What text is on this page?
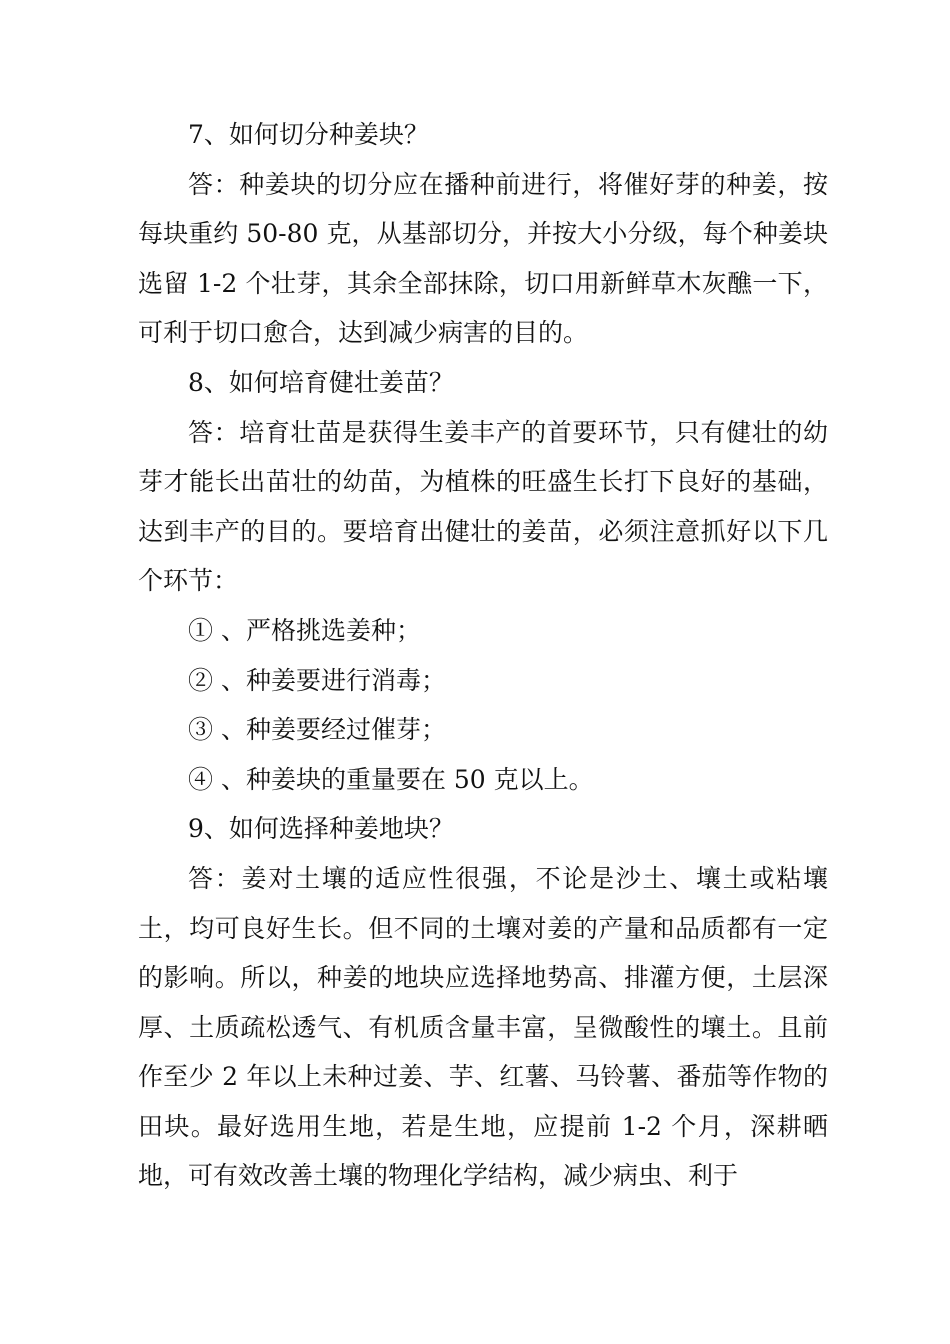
7、如何切分种姜块？

答：种姜块的切分应在播种前进行，将催好芽的种姜，按每块重约 50-80 克，从基部切分，并按大小分级，每个种姜块选留 1-2 个壮芽，其余全部抹除，切口用新鲜草木灰醮一下，可利于切口愈合，达到减少病害的目的。

8、如何培育健壮姜苗？

答：培育壮苗是获得生姜丰产的首要环节，只有健壮的幼芽才能长出苗壮的幼苗，为植株的旺盛生长打下良好的基础，达到丰产的目的。要培育出健壮的姜苗，必须注意抓好以下几个环节：

① 、严格挑选姜种；

② 、种姜要进行消毒；

③ 、种姜要经过催芽；

④ 、种姜块的重量要在 50 克以上。

9、如何选择种姜地块？

答：姜对土壤的适应性很强，不论是沙土、壤土或粘壤土，均可良好生长。但不同的土壤对姜的产量和品质都有一定的影响。所以，种姜的地块应选择地势高、排灌方便，土层深厚、土质疏松透气、有机质含量丰富，呈微酸性的壤土。且前作至少 2 年以上未种过姜、芋、红薯、马铃薯、番茄等作物的田块。最好选用生地，若是生地，应提前 1-2 个月，深耕晒地，可有效改善土壤的物理化学结构，减少病虫、利于
